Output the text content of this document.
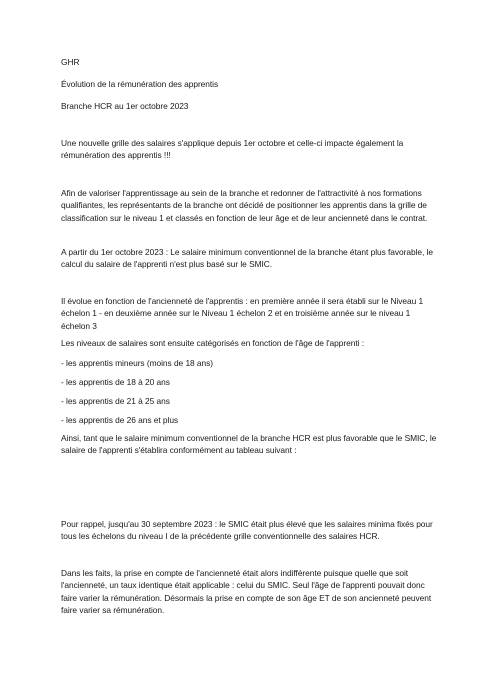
GHR
Évolution de la rémunération des apprentis
Branche HCR au 1er octobre 2023

Une nouvelle grille des salaires s'applique depuis 1er octobre et celle-ci impacte également la rémunération des apprentis !!!

Afin de valoriser l'apprentissage au sein de la branche et redonner de l'attractivité à nos formations qualifiantes, les représentants de la branche ont décidé de positionner les apprentis dans la grille de classification sur le niveau 1 et classés en fonction de leur âge et de leur ancienneté dans le contrat.

A partir du 1er octobre 2023 : Le salaire minimum conventionnel de la branche étant plus favorable, le calcul du salaire de l'apprenti n'est plus basé sur le SMIC.

Il évolue en fonction de l'ancienneté de l'apprentis : en première année il sera établi sur le Niveau 1 échelon 1 - en deuxième année sur le Niveau 1 échelon 2 et en troisième année sur le niveau 1 échelon 3

Les niveaux de salaires sont ensuite catégorisés en fonction de l'âge de l'apprenti :

- les apprentis mineurs (moins de 18 ans)
- les apprentis de 18 à 20 ans
- les apprentis de 21 à 25 ans
- les apprentis de 26 ans et plus

Ainsi, tant que le salaire minimum conventionnel de la branche HCR est plus favorable que le SMIC, le salaire de l'apprenti s'établira conformément au tableau suivant :

Pour rappel, jusqu'au 30 septembre 2023 : le SMIC était plus élevé que les salaires minima fixés pour tous les échelons du niveau I de la précédente grille conventionnelle des salaires HCR.

Dans les faits, la prise en compte de l'ancienneté était alors indifférente puisque quelle que soit l'ancienneté, un taux identique était applicable : celui du SMIC. Seul l'âge de l'apprenti pouvait donc faire varier la rémunération. Désormais la prise en compte de son âge ET de son ancienneté peuvent faire varier sa rémunération.
